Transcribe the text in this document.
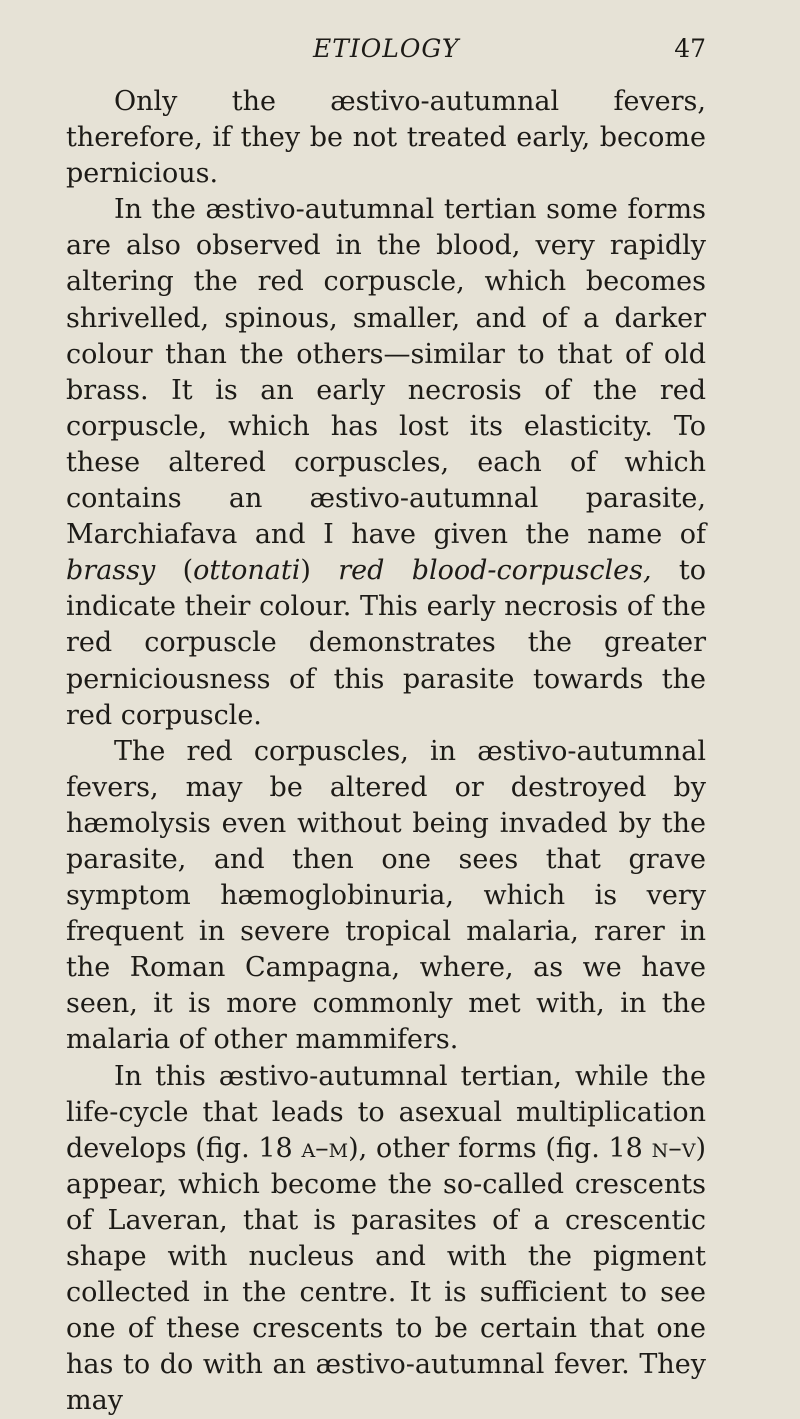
ETIOLOGY	47

Only the æstivo-autumnal fevers, therefore, if they be not treated early, become pernicious.

In the æstivo-autumnal tertian some forms are also observed in the blood, very rapidly altering the red corpuscle, which becomes shrivelled, spinous, smaller, and of a darker colour than the others—similar to that of old brass. It is an early necrosis of the red corpuscle, which has lost its elasticity. To these altered corpuscles, each of which contains an æstivo-autumnal parasite, Marchiafava and I have given the name of brassy (ottonati) red blood-corpuscles, to indicate their colour. This early necrosis of the red corpuscle demonstrates the greater perniciousness of this parasite towards the red corpuscle.

The red corpuscles, in æstivo-autumnal fevers, may be altered or destroyed by hæmolysis even without being invaded by the parasite, and then one sees that grave symptom hæmoglobinuria, which is very frequent in severe tropical malaria, rarer in the Roman Campagna, where, as we have seen, it is more commonly met with, in the malaria of other mammifers.

In this æstivo-autumnal tertian, while the life-cycle that leads to asexual multiplication develops (fig. 18 a–m), other forms (fig. 18 n–v) appear, which become the so-called crescents of Laveran, that is parasites of a crescentic shape with nucleus and with the pigment collected in the centre. It is sufficient to see one of these crescents to be certain that one has to do with an æstivo-autumnal fever. They may
